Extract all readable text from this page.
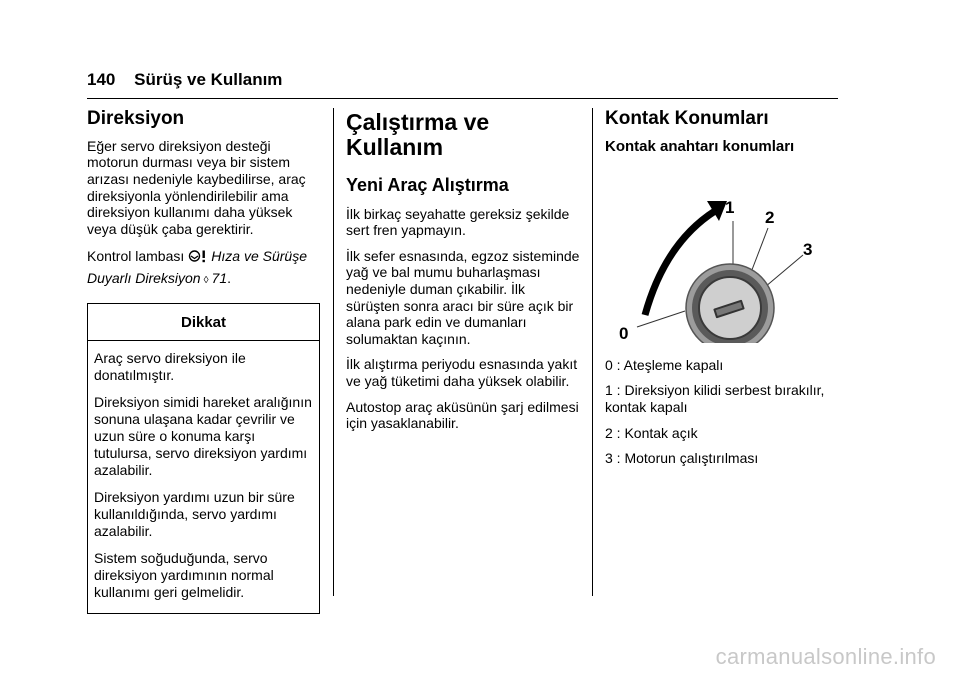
140 Sürüş ve Kullanım
Direksiyon

Eğer servo direksiyon desteği motorun durması veya bir sistem arızası nedeniyle kaybedilirse, araç direksiyonla yönlendirilebilir ama direksiyon kullanımı daha yüksek veya düşük çaba gerektirir.

Kontrol lambası Hıza ve Sürüşe Duyarlı Direksiyon ◊ 71.
Dikkat

Araç servo direksiyon ile donatılmıştır.

Direksiyon simidi hareket aralığının sonuna ulaşana kadar çevrilir ve uzun süre o konuma karşı tutulursa, servo direksiyon yardımı azalabilir.

Direksiyon yardımı uzun bir süre kullanıldığında, servo yardımı azalabilir.

Sistem soğuduğunda, servo direksiyon yardımının normal kullanımı geri gelmelidir.

Çalıştırma ve
Kullanım
Yeni Araç Alıştırma

İlk birkaç seyahatte gereksiz şekilde sert fren yapmayın.

İlk sefer esnasında, egzoz sisteminde yağ ve bal mumu buharlaşması nedeniyle duman çıkabilir. İlk sürüşten sonra aracı bir süre açık bir alana park edin ve dumanları solumaktan kaçının.

İlk alıştırma periyodu esnasında yakıt ve yağ tüketimi daha yüksek olabilir.

Autostop araç aküsünün şarj edilmesi için yasaklanabilir.

Kontak Konumları
Kontak anahtarı konumları
1
2
3
0

0 : Ateşleme kapalı

1 : Direksiyon kilidi serbest bırakılır, kontak kapalı

2 : Kontak açık

3 : Motorun çalıştırılması

carmanualsonline.info
